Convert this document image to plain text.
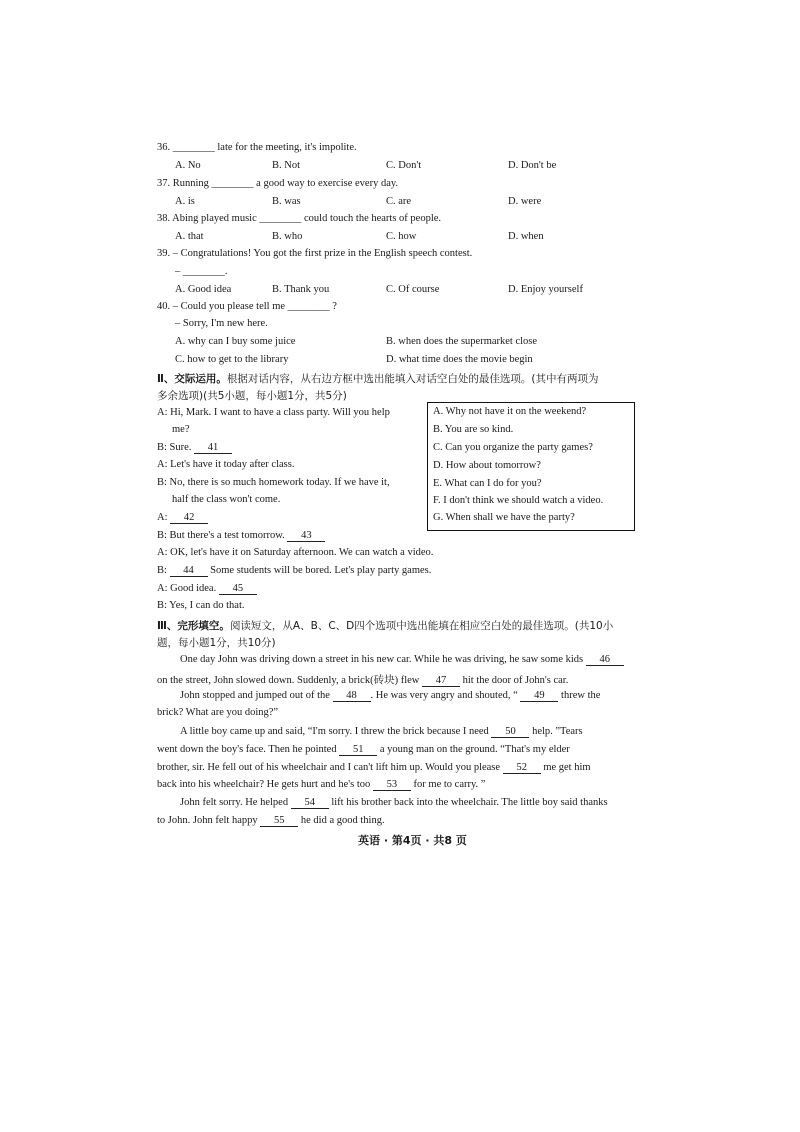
36. ________ late for the meeting, it's impolite.
A. No	B. Not	C. Don't	D. Don't be
37. Running ________ a good way to exercise every day.
A. is	B. was	C. are	D. were
38. Abing played music ________ could touch the hearts of people.
A. that	B. who	C. how	D. when
39. – Congratulations! You got the first prize in the English speech contest.
– ________.
A. Good idea	B. Thank you	C. Of course	D. Enjoy yourself
40. – Could you please tell me ________ ?
– Sorry, I'm new here.
A. why can I buy some juice	B. when does the supermarket close
C. how to get to the library	D. what time does the movie begin
Ⅱ、交际运用。根据对话内容，从右边方框中选出能填入对话空白处的最佳选项。(其中有两项为
多余选项)(共5小题，每小题1分，共5分)
A: Hi, Mark. I want to have a class party. Will you help
me?
B: Sure. 41
A: Let's have it today after class.
B: No, there is so much homework today. If we have it,
half the class won't come.
A: 42
B: But there's a test tomorrow. 43
A: OK, let's have it on Saturday afternoon. We can watch a video.
B: 44 Some students will be bored. Let's play party games.
A: Good idea. 45
B: Yes, I can do that.
A. Why not have it on the weekend?
B. You are so kind.
C. Can you organize the party games?
D. How about tomorrow?
E. What can I do for you?
F. I don't think we should watch a video.
G. When shall we have the party?
Ⅲ、完形填空。阅读短文，从A、B、C、D四个选项中选出能填在相应空白处的最佳选项。(共10小
题，每小题1分，共10分)
One day John was driving down a street in his new car. While he was driving, he saw some kids 46
on the street, John slowed down. Suddenly, a brick(砖块) flew 47 hit the door of John's car.
John stopped and jumped out of the 48 . He was very angry and shouted, “ 49 threw the
brick? What are you doing?”
A little boy came up and said, “I'm sorry. I threw the brick because I need 50 help. ”Tears
went down the boy's face. Then he pointed 51 a young man on the ground. “That's my elder
brother, sir. He fell out of his wheelchair and I can't lift him up. Would you please 52 me get him
back into his wheelchair? He gets hurt and he's too 53 for me to carry. ”
John felt sorry. He helped 54 lift his brother back into the wheelchair. The little boy said thanks
to John. John felt happy 55 he did a good thing.
英语 · 第4页 · 共8 页
